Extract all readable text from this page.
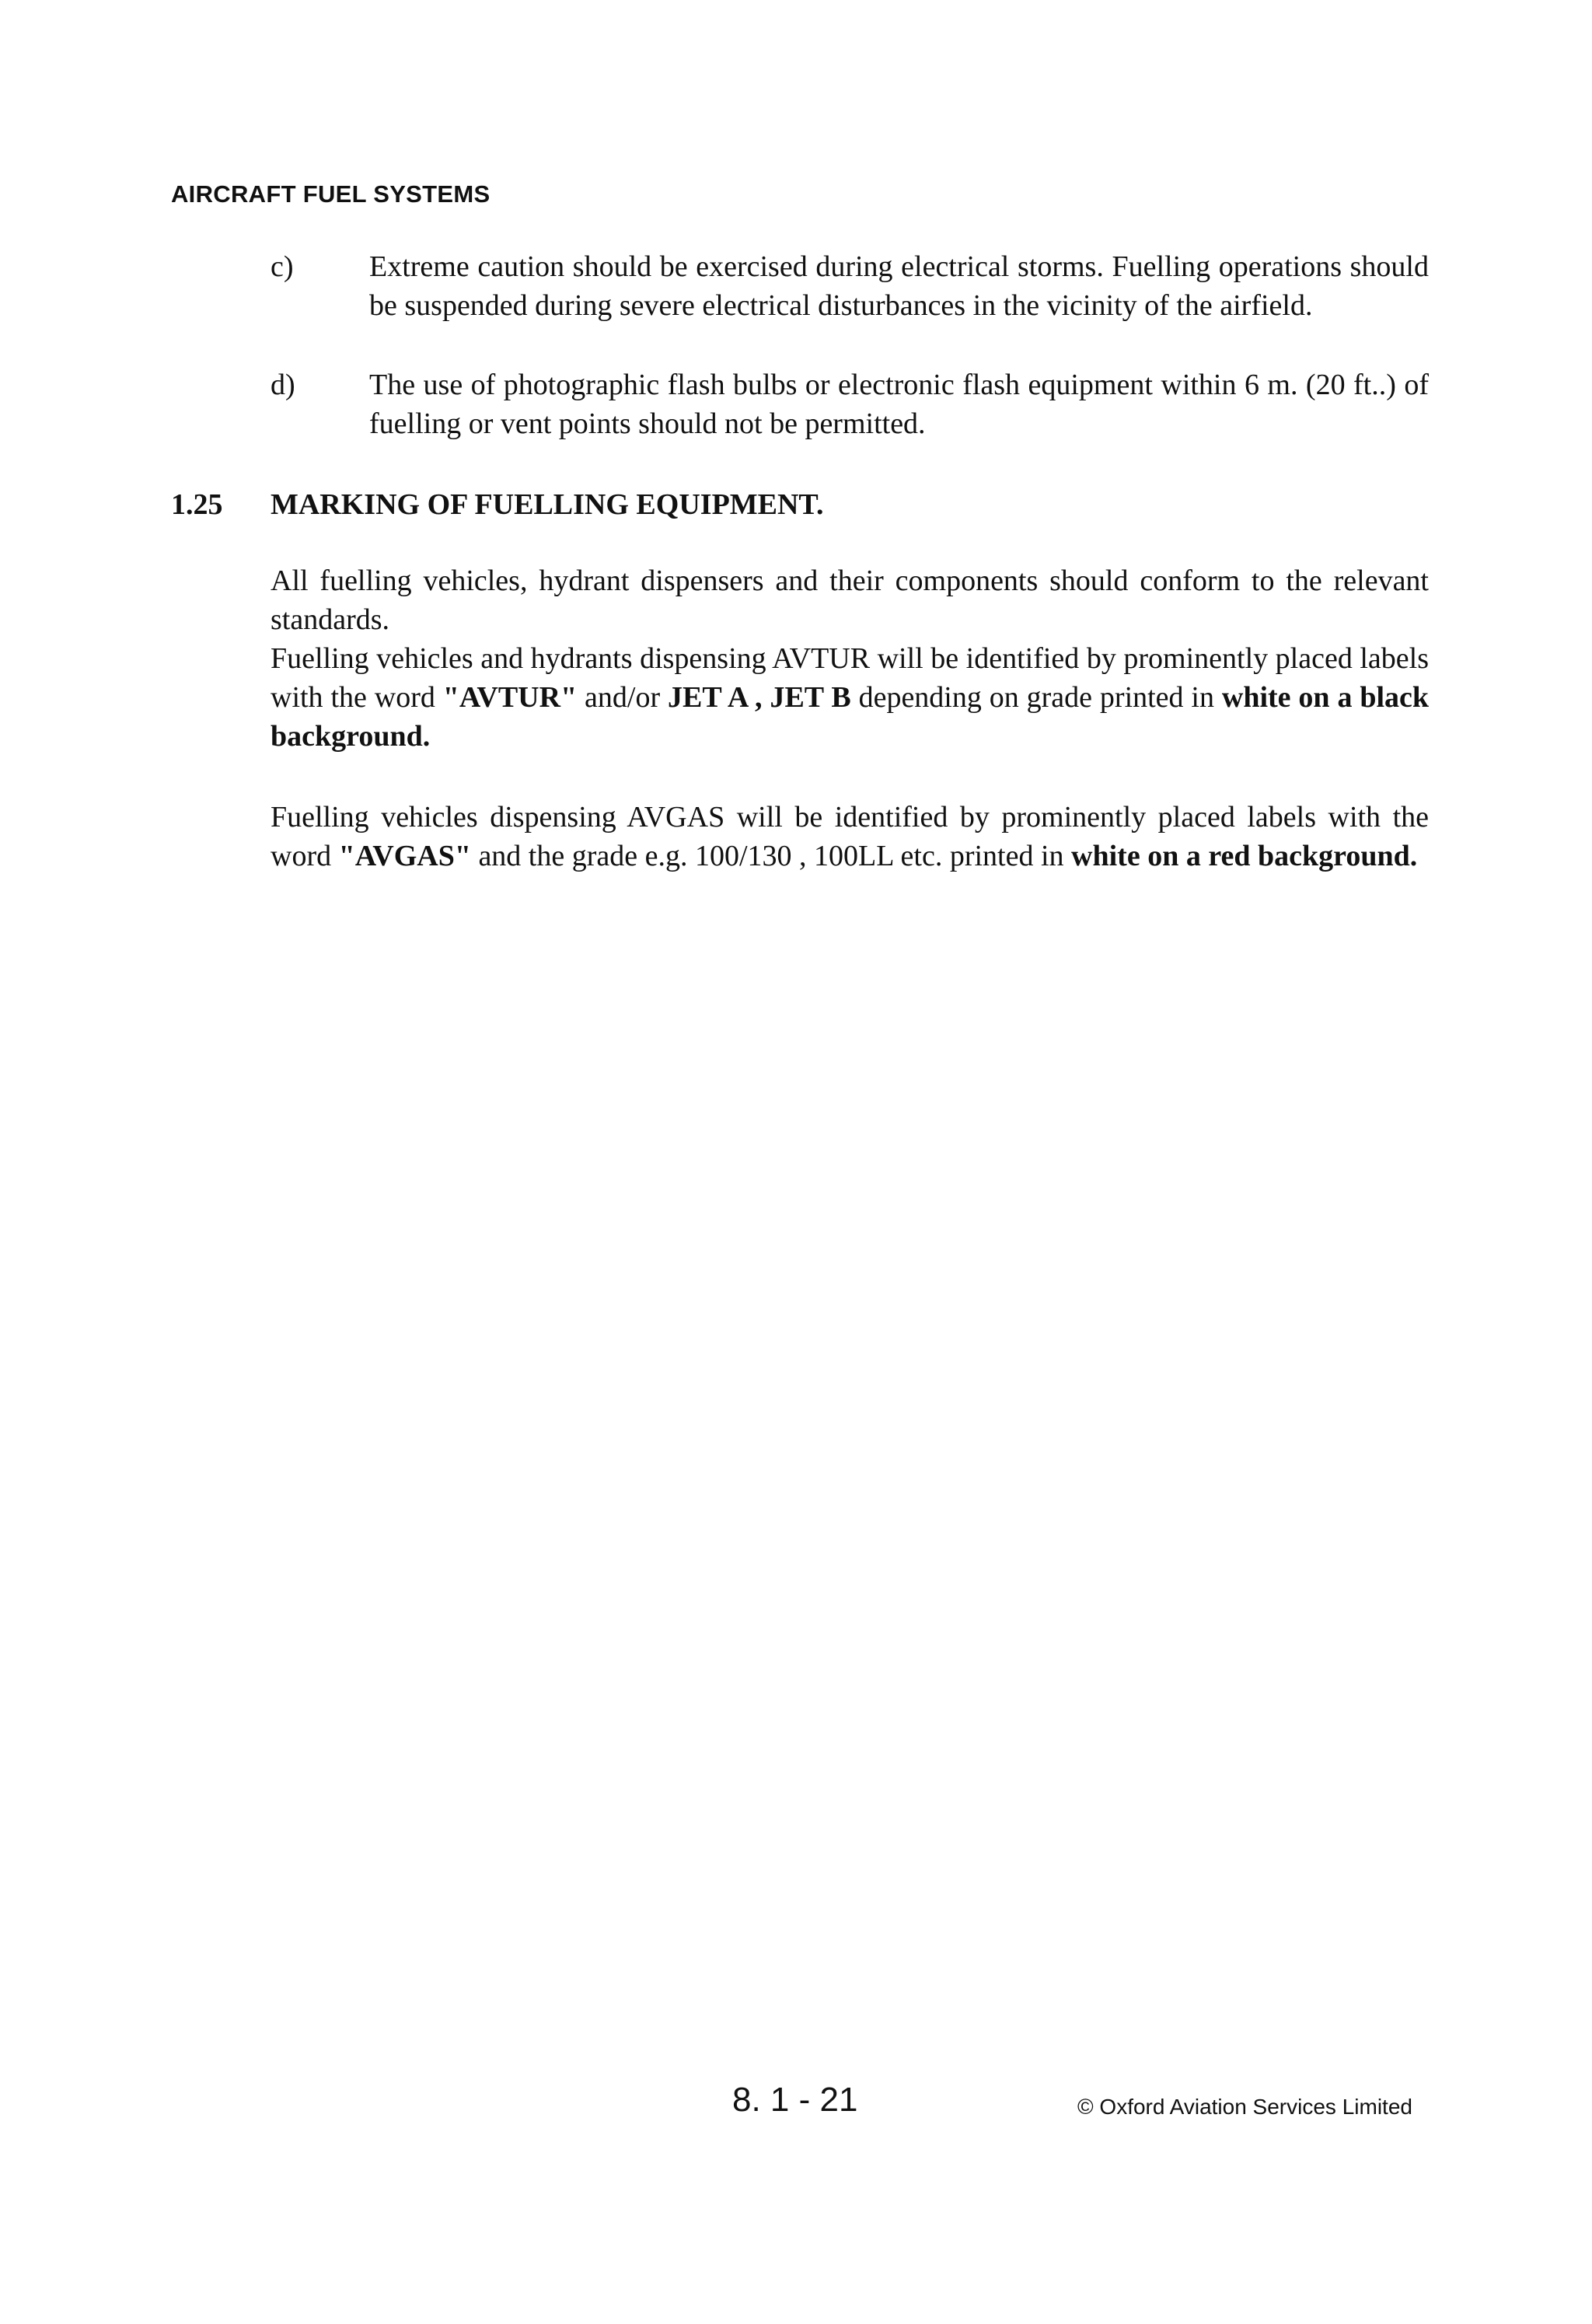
AIRCRAFT FUEL SYSTEMS
c)	Extreme caution should be exercised during electrical storms. Fuelling operations should be suspended during severe electrical disturbances in the vicinity of the airfield.
d)	The use of photographic flash bulbs or electronic flash equipment within 6 m. (20 ft..) of fuelling or vent points should not be permitted.
1.25 MARKING OF FUELLING EQUIPMENT.
All fuelling vehicles, hydrant dispensers and their components should conform to the relevant standards.
Fuelling vehicles and hydrants dispensing AVTUR will be identified by prominently placed labels with the word "AVTUR" and/or JET A , JET B depending on grade printed in white on a black background.
Fuelling vehicles dispensing AVGAS will be identified by prominently placed labels with the word "AVGAS" and the grade e.g. 100/130 , 100LL etc. printed in white on a red background.
8. 1 - 21	© Oxford Aviation Services Limited
